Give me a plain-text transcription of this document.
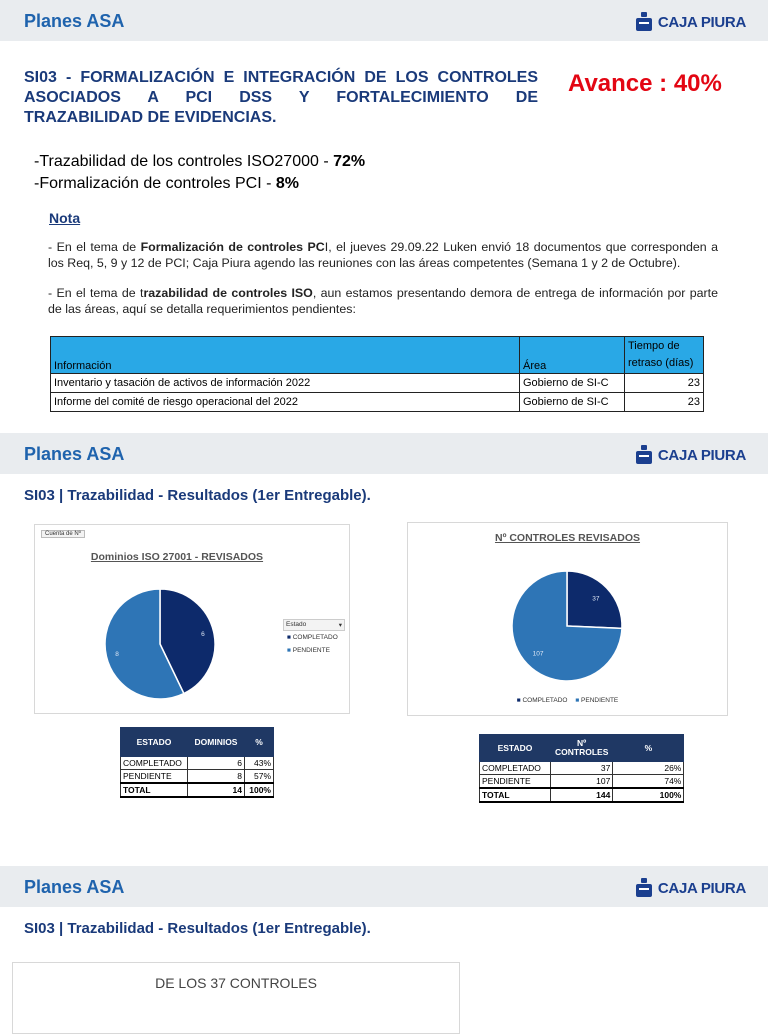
Planes ASA	CAJA PIURA
SI03 - FORMALIZACIÓN E INTEGRACIÓN DE LOS CONTROLES
ASOCIADOS A PCI DSS Y FORTALECIMIENTO DE
TRAZABILIDAD DE EVIDENCIAS.
Avance : 40%
-Trazabilidad de los controles ISO27000 - 72%
-Formalización de controles PCI - 8%
Nota
- En el tema de Formalización de controles PCI, el jueves 29.09.22 Luken envió 18 documentos que corresponden a los Req, 5, 9 y 12 de PCI; Caja Piura agendo las reuniones con las áreas competentes (Semana 1 y 2 de Octubre).
- En el tema de trazabilidad de controles ISO, aun estamos presentando demora de entrega de información por parte de las áreas, aquí se detalla requerimientos pendientes:
Información	Área	Tiempo de retraso (días)
Inventario y tasación de activos de información 2022	Gobierno de SI-C	23
Informe del comité de riesgo operacional del 2022	Gobierno de SI-C	23
Planes ASA	CAJA PIURA
SI03 | Trazabilidad - Resultados (1er Entregable).
Cuenta de Nº
Dominios ISO 27001 - REVISADOS
6
8
Estado	▾
■ COMPLETADO
■ PENDIENTE
Nº CONTROLES REVISADOS
37
107
■ COMPLETADO ■ PENDIENTE
ESTADO	DOMINIOS	%
COMPLETADO	6	43%
PENDIENTE	8	57%
TOTAL	14	100%
ESTADO	Nº CONTROLES	%
COMPLETADO	37	26%
PENDIENTE	107	74%
TOTAL	144	100%
Planes ASA	CAJA PIURA
SI03 | Trazabilidad - Resultados (1er Entregable).
DE LOS 37 CONTROLES
